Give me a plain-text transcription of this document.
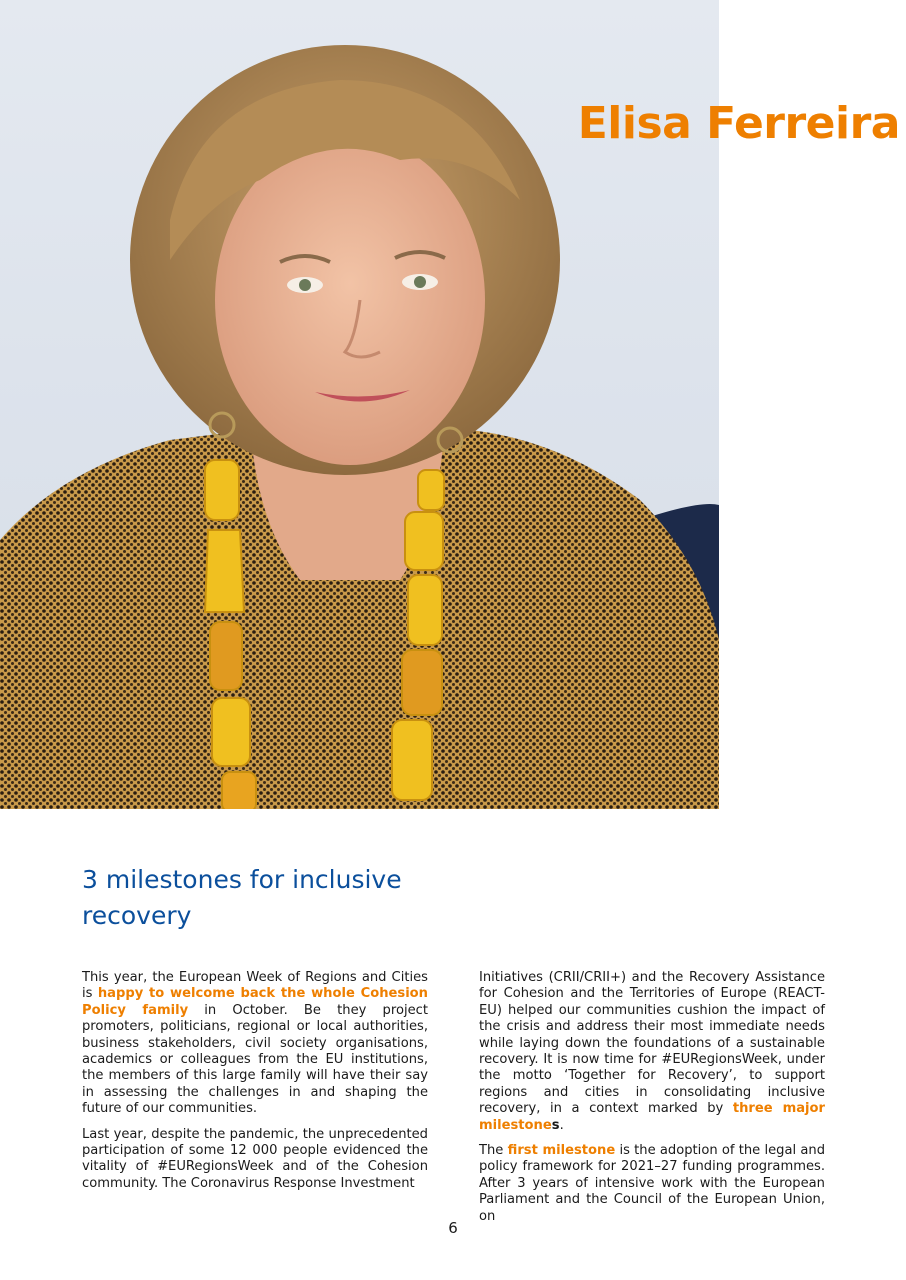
Elisa Ferreira
3 milestones for inclusive recovery

This year, the European Week of Regions and Cities is happy to welcome back the whole Cohesion Policy family in October. Be they project promoters, politicians, regional or local authorities, business stakeholders, civil society organisations, academics or colleagues from the EU institutions, the members of this large family will have their say in assessing the challenges in and shaping the future of our communities.

Last year, despite the pandemic, the unprecedented participation of some 12 000 people evidenced the vitality of #EURegionsWeek and of the Cohesion community. The Coronavirus Response Investment

Initiatives (CRII/CRII+) and the Recovery Assistance for Cohesion and the Territories of Europe (REACT-EU) helped our communities cushion the impact of the crisis and address their most immediate needs while laying down the foundations of a sustainable recovery. It is now time for #EURegionsWeek, under the motto ‘Together for Recovery’, to support regions and cities in consolidating inclusive recovery, in a context marked by three major milestones.

The first milestone is the adoption of the legal and policy framework for 2021–27 funding programmes. After 3 years of intensive work with the European Parliament and the Council of the European Union, on

6
